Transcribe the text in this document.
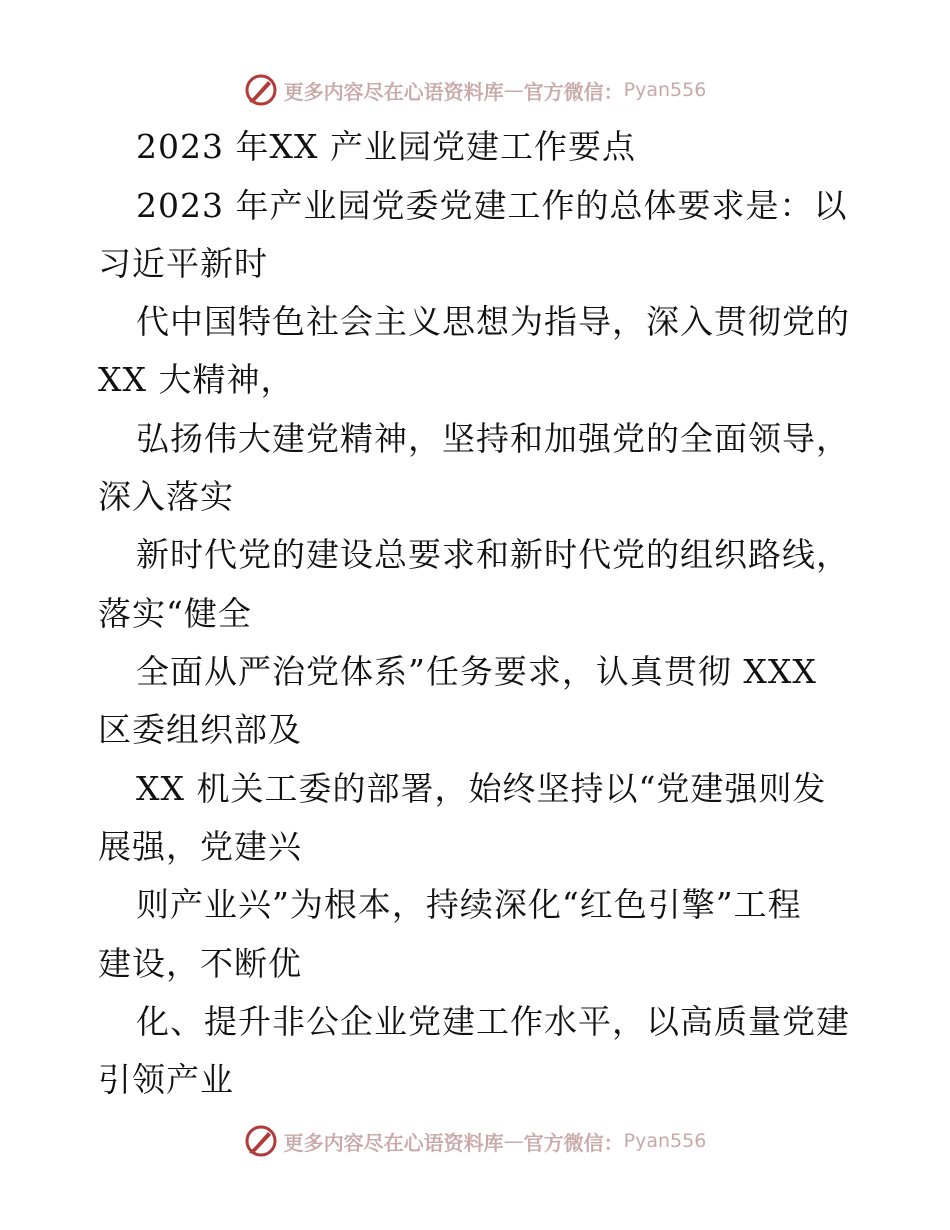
更多内容尽在心语资料库 — 官方微信： Pyan556
2023 年XX 产业园党建工作要点
2023 年产业园党委党建工作的总体要求是：以
习近平新时
代中国特色社会主义思想为指导，深入贯彻党的
XX 大精神，
弘扬伟大建党精神，坚持和加强党的全面领导，
深入落实
新时代党的建设总要求和新时代党的组织路线，
落实“健全
全面从严治党体系”任务要求，认真贯彻 XXX
区委组织部及
XX 机关工委的部署，始终坚持以“党建强则发
展强，党建兴
则产业兴”为根本，持续深化“红色引擎”工程
建设，不断优
化、提升非公企业党建工作水平，以高质量党建
引领产业
更多内容尽在心语资料库 — 官方微信： Pyan556
